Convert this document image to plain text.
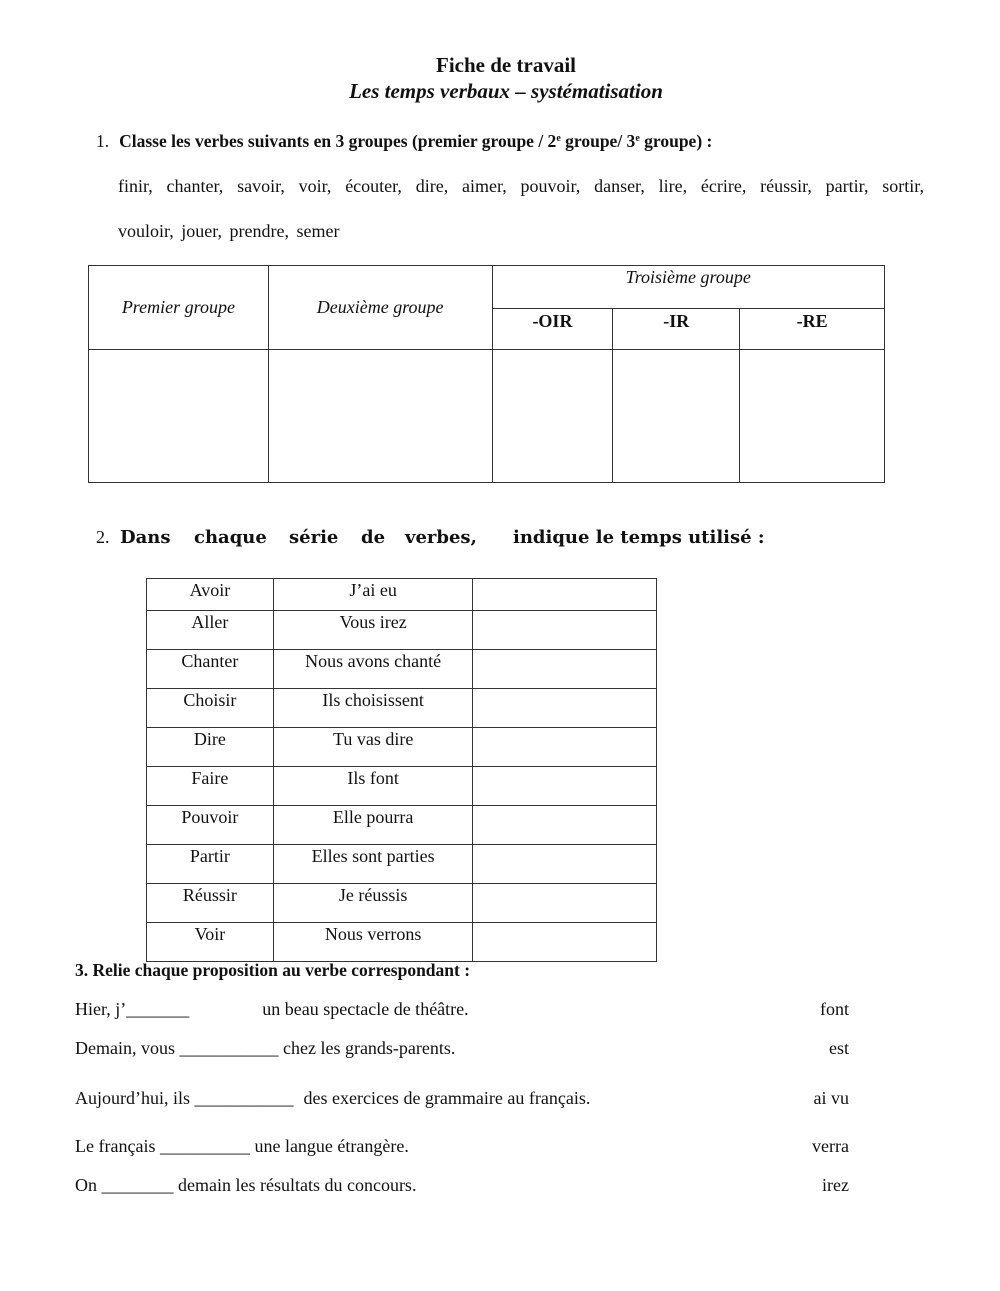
Fiche de travail
Les temps verbaux – systématisation
1. Classe les verbes suivants en 3 groupes (premier groupe / 2e groupe/ 3e groupe) :
finir, chanter, savoir, voir, écouter, dire, aimer, pouvoir, danser, lire, écrire, réussir, partir, sortir,
vouloir, jouer, prendre, semer
Premier groupe	Deuxième groupe	Troisième groupe		
		-OIR	-IR	-RE

2. Dans chaque série de verbes, indique le temps utilisé :
Avoir	J’ai eu	
Aller	Vous irez	
Chanter	Nous avons chanté	
Choisir	Ils choisissent	
Dire	Tu vas dire	
Faire	Ils font	
Pouvoir	Elle pourra	
Partir	Elles sont parties	
Réussir	Je réussis	
Voir	Nous verrons	
3. Relie chaque proposition au verbe correspondant :
Hier, j’_______	un beau spectacle de théâtre.	font
Demain, vous ___________ chez les grands-parents.	est
Aujourd’hui, ils ___________ des exercices de grammaire au français.	ai vu
Le français __________ une langue étrangère.	verra
On ________ demain les résultats du concours.	irez
